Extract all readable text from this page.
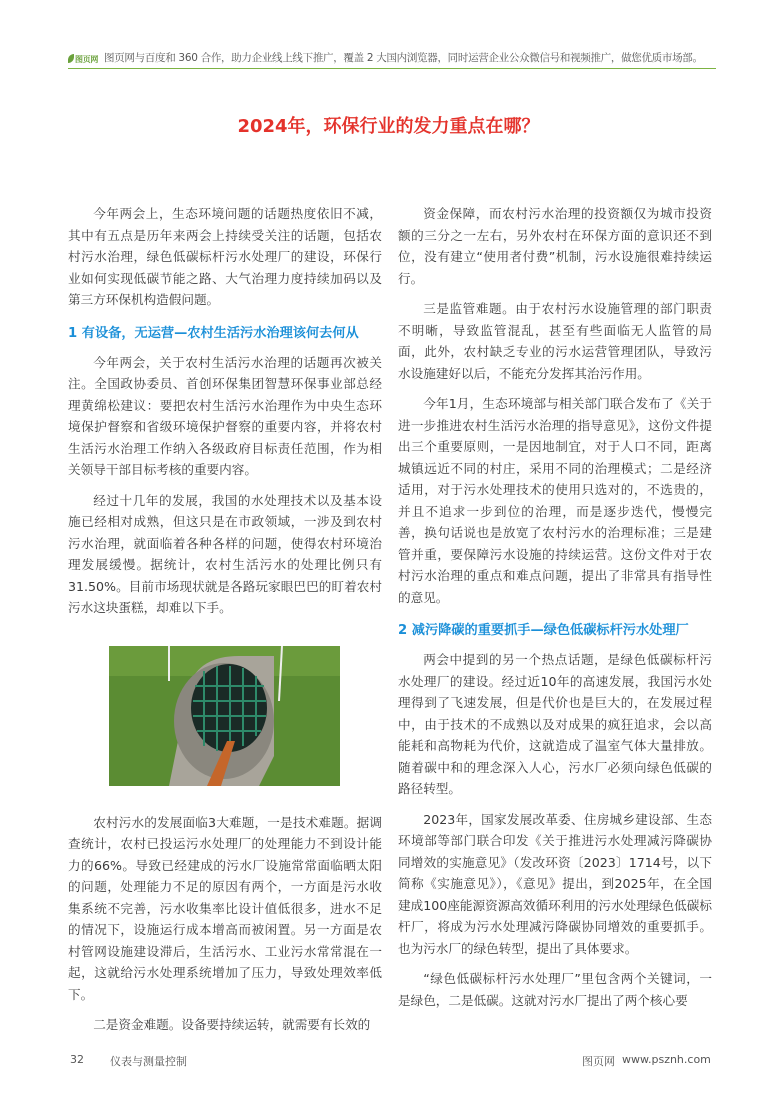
图页网 图页网与百度和 360 合作，助力企业线上线下推广，覆盖 2 大国内浏览器，同时运营企业公众微信号和视频推广，做您优质市场部。
2024年，环保行业的发力重点在哪？

今年两会上，生态环境问题的话题热度依旧不减，其中有五点是历年来两会上持续受关注的话题，包括农村污水治理，绿色低碳标杆污水处理厂的建设，环保行业如何实现低碳节能之路、大气治理力度持续加码以及第三方环保机构造假问题。

1 有设备，无运营—农村生活污水治理该何去何从

今年两会，关于农村生活污水治理的话题再次被关注。全国政协委员、首创环保集团智慧环保事业部总经理黄绵松建议：要把农村生活污水治理作为中央生态环境保护督察和省级环境保护督察的重要内容，并将农村生活污水治理工作纳入各级政府目标责任范围，作为相关领导干部目标考核的重要内容。

经过十几年的发展，我国的水处理技术以及基本设施已经相对成熟，但这只是在市政领域，一涉及到农村污水治理，就面临着各种各样的问题，使得农村环境治理发展缓慢。据统计，农村生活污水的处理比例只有31.50%。目前市场现状就是各路玩家眼巴巴的盯着农村污水这块蛋糕，却难以下手。

农村污水的发展面临3大难题，一是技术难题。据调查统计，农村已投运污水处理厂的处理能力不到设计能力的66%。导致已经建成的污水厂设施常常面临晒太阳的问题，处理能力不足的原因有两个，一方面是污水收集系统不完善，污水收集率比设计值低很多，进水不足的情况下，设施运行成本增高而被闲置。另一方面是农村管网设施建设滞后，生活污水、工业污水常常混在一起，这就给污水处理系统增加了压力，导致处理效率低下。

二是资金难题。设备要持续运转，就需要有长效的

资金保障，而农村污水治理的投资额仅为城市投资额的三分之一左右，另外农村在环保方面的意识还不到位，没有建立“使用者付费”机制，污水设施很难持续运行。

三是监管难题。由于农村污水设施管理的部门职责不明晰，导致监管混乱，甚至有些面临无人监管的局面，此外，农村缺乏专业的污水运营管理团队，导致污水设施建好以后，不能充分发挥其治污作用。

今年1月，生态环境部与相关部门联合发布了《关于进一步推进农村生活污水治理的指导意见》，这份文件提出三个重要原则，一是因地制宜，对于人口不同，距离城镇远近不同的村庄，采用不同的治理模式；二是经济适用，对于污水处理技术的使用只选对的，不选贵的，并且不追求一步到位的治理，而是逐步迭代，慢慢完善，换句话说也是放宽了农村污水的治理标准；三是建管并重，要保障污水设施的持续运营。这份文件对于农村污水治理的重点和难点问题，提出了非常具有指导性的意见。

2 减污降碳的重要抓手—绿色低碳标杆污水处理厂

两会中提到的另一个热点话题，是绿色低碳标杆污水处理厂的建设。经过近10年的高速发展，我国污水处理得到了飞速发展，但是代价也是巨大的，在发展过程中，由于技术的不成熟以及对成果的疯狂追求，会以高能耗和高物耗为代价，这就造成了温室气体大量排放。随着碳中和的理念深入人心，污水厂必须向绿色低碳的路径转型。

2023年，国家发展改革委、住房城乡建设部、生态环境部等部门联合印发《关于推进污水处理减污降碳协同增效的实施意见》（发改环资〔2023〕1714号，以下简称《实施意见》），《意见》提出，到2025年，在全国建成100座能源资源高效循环利用的污水处理绿色低碳标杆厂，将成为污水处理减污降碳协同增效的重要抓手。也为污水厂的绿色转型，提出了具体要求。

“绿色低碳标杆污水处理厂”里包含两个关键词，一是绿色，二是低碳。这就对污水厂提出了两个核心要

32 仪表与测量控制	图页网 www.psznh.com
